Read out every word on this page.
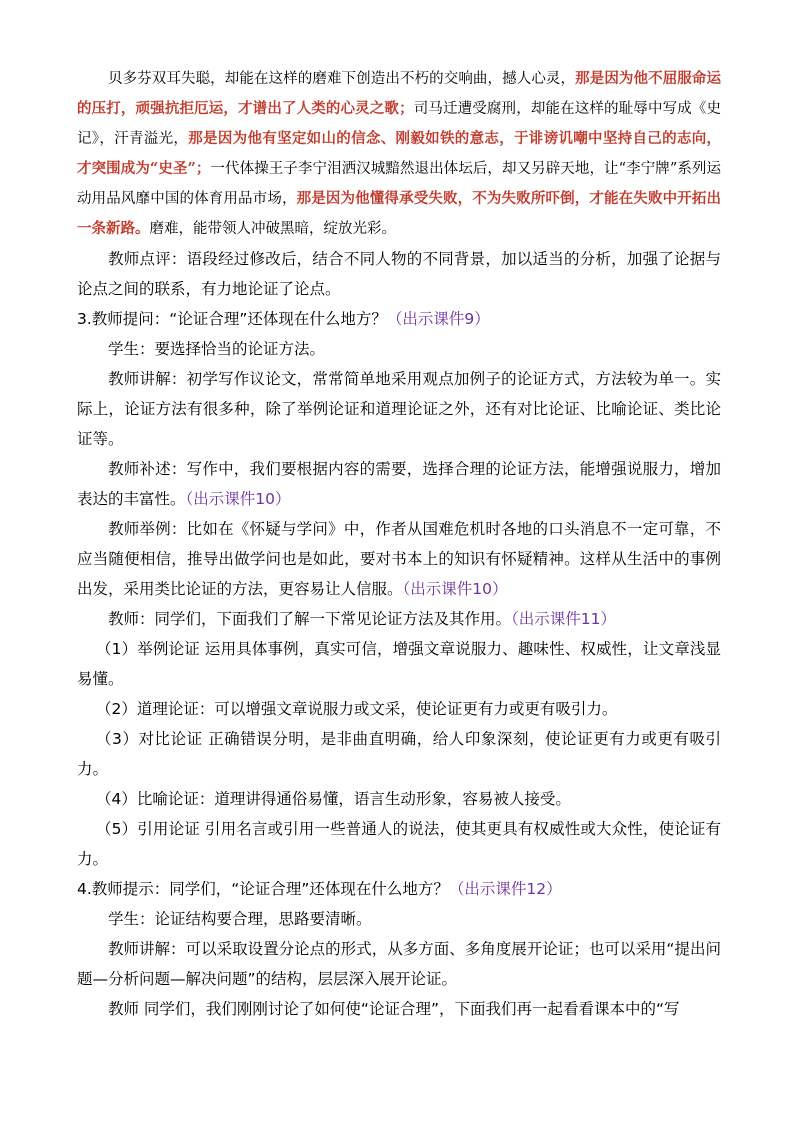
贝多芬双耳失聪，却能在这样的磨难下创造出不朽的交响曲，撼人心灵，那是因为他不屈服命运的压打，顽强抗拒厄运，才谱出了人类的心灵之歌；司马迁遭受腐刑，却能在这样的耻辱中写成《史记》，汗青溢光，那是因为他有坚定如山的信念、刚毅如铁的意志，于诽谤讥嘲中坚持自己的志向，才突围成为“史圣”；一代体操王子李宁泪洒汉城黯然退出体坛后，却又另辟天地，让“李宁牌”系列运动用品风靡中国的体育用品市场，那是因为他懂得承受失败，不为失败所吓倒，才能在失败中开拓出一条新路。磨难，能带领人冲破黑暗，绽放光彩。

教师点评：语段经过修改后，结合不同人物的不同背景，加以适当的分析，加强了论据与论点之间的联系，有力地论证了论点。

3.教师提问：“论证合理”还体现在什么地方？（出示课件9）

学生：要选择恰当的论证方法。

教师讲解：初学写作议论文，常常简单地采用观点加例子的论证方式，方法较为单一。实际上，论证方法有很多种，除了举例论证和道理论证之外，还有对比论证、比喻论证、类比论证等。

教师补述：写作中，我们要根据内容的需要，选择合理的论证方法，能增强说服力，增加表达的丰富性。（出示课件10）

教师举例：比如在《怀疑与学问》中，作者从国难危机时各地的口头消息不一定可靠，不应当随便相信，推导出做学问也是如此，要对书本上的知识有怀疑精神。这样从生活中的事例出发，采用类比论证的方法，更容易让人信服。（出示课件10）

教师：同学们，下面我们了解一下常见论证方法及其作用。（出示课件11）

（1）举例论证 运用具体事例，真实可信，增强文章说服力、趣味性、权威性，让文章浅显易懂。

（2）道理论证：可以增强文章说服力或文采，使论证更有力或更有吸引力。

（3）对比论证 正确错误分明，是非曲直明确，给人印象深刻，使论证更有力或更有吸引力。

（4）比喻论证：道理讲得通俗易懂，语言生动形象，容易被人接受。

（5）引用论证 引用名言或引用一些普通人的说法，使其更具有权威性或大众性，使论证有力。

4.教师提示：同学们，“论证合理”还体现在什么地方？（出示课件12）

学生：论证结构要合理，思路要清晰。

教师讲解：可以采取设置分论点的形式，从多方面、多角度展开论证；也可以采用“提出问题—分析问题—解决问题”的结构，层层深入展开论证。

教师 同学们，我们刚刚讨论了如何使“论证合理”，下面我们再一起看看课本中的“写
